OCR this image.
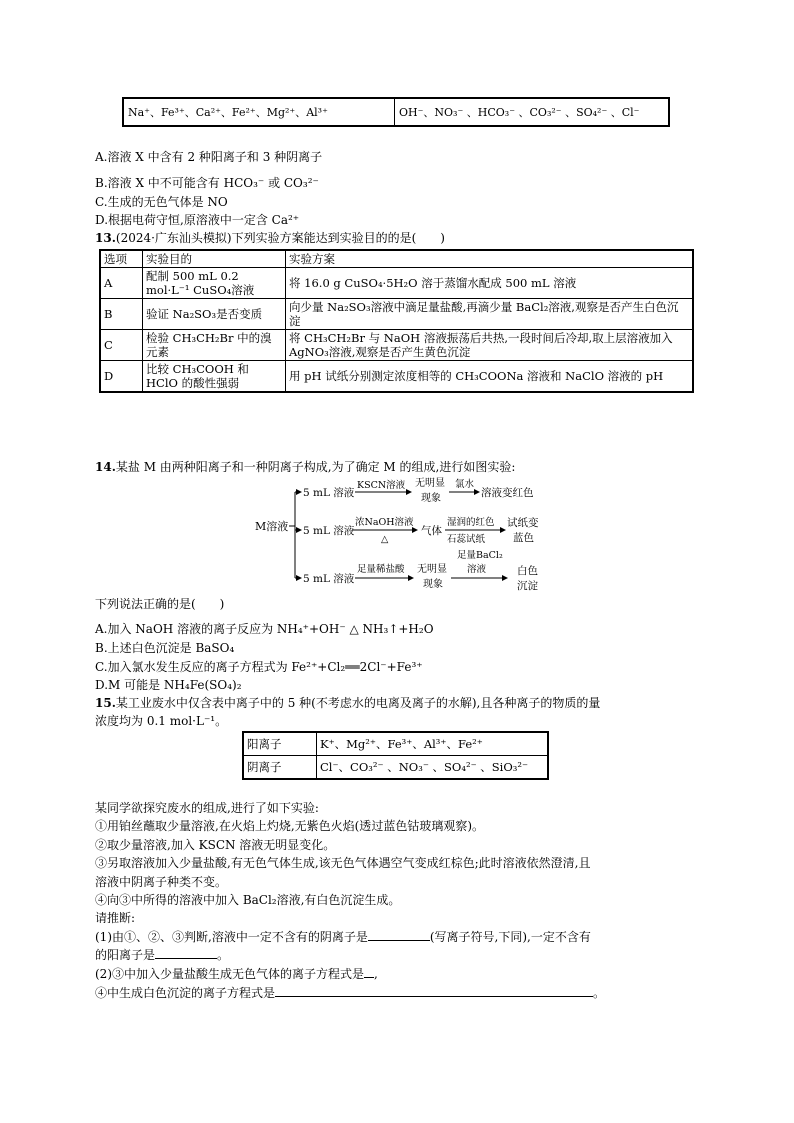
Na⁺、Fe³⁺、Ca²⁺、Fe²⁺、Mg²⁺、Al³⁺	OH⁻、NO₃⁻ 、HCO₃⁻ 、CO₃²⁻ 、SO₄²⁻ 、Cl⁻
A.溶液 X 中含有 2 种阳离子和 3 种阴离子
B.溶液 X 中不可能含有 HCO₃⁻ 或 CO₃²⁻
C.生成的无色气体是 NO
D.根据电荷守恒,原溶液中一定含 Ca²⁺
13.(2024·广东汕头模拟)下列实验方案能达到实验目的的是(　　)
选项	实验目的	实验方案
A	配制 500 mL 0.2 mol·L⁻¹ CuSO₄溶液	将 16.0 g CuSO₄·5H₂O 溶于蒸馏水配成 500 mL 溶液
B	验证 Na₂SO₃是否变质	向少量 Na₂SO₃溶液中滴足量盐酸,再滴少量 BaCl₂溶液,观察是否产生白色沉淀
C	检验 CH₃CH₂Br 中的溴元素	将 CH₃CH₂Br 与 NaOH 溶液振荡后共热,一段时间后冷却,取上层溶液加入 AgNO₃溶液,观察是否产生黄色沉淀
D	比较 CH₃COOH 和 HClO 的酸性强弱	用 pH 试纸分别测定浓度相等的 CH₃COONa 溶液和 NaClO 溶液的 pH
14.某盐 M 由两种阳离子和一种阴离子构成,为了确定 M 的组成,进行如图实验:
M溶液
5 mL 溶液
KSCN溶液 无明显
现象
氯水
溶液变红色
5 mL 溶液
浓NaOH溶液
△
气体
湿润的红色
石蕊试纸
试纸变
蓝色
5 mL 溶液
足量稀盐酸 无明显
现象
足量BaCl₂
溶液	白色
沉淀
下列说法正确的是(　　)
A.加入 NaOH 溶液的离子反应为 NH₄⁺+OH⁻ △ NH₃↑+H₂O
B.上述白色沉淀是 BaSO₄
C.加入氯水发生反应的离子方程式为 Fe²⁺+Cl₂══2Cl⁻+Fe³⁺
D.M 可能是 NH₄Fe(SO₄)₂
15.某工业废水中仅含表中离子中的 5 种(不考虑水的电离及离子的水解),且各种离子的物质的量
浓度均为 0.1 mol·L⁻¹。
阳离子	K⁺、Mg²⁺、Fe³⁺、Al³⁺、Fe²⁺
阴离子	Cl⁻、CO₃²⁻ 、NO₃⁻ 、SO₄²⁻ 、SiO₃²⁻
某同学欲探究废水的组成,进行了如下实验:
①用铂丝蘸取少量溶液,在火焰上灼烧,无紫色火焰(透过蓝色钴玻璃观察)。
②取少量溶液,加入 KSCN 溶液无明显变化。
③另取溶液加入少量盐酸,有无色气体生成,该无色气体遇空气变成红棕色;此时溶液依然澄清,且
溶液中阴离子种类不变。
④向③中所得的溶液中加入 BaCl₂溶液,有白色沉淀生成。
请推断:
(1)由①、②、③判断,溶液中一定不含有的阴离子是	(写离子符号,下同),一定不含有
的阳离子是	。
(2)③中加入少量盐酸生成无色气体的离子方程式是 ,
④中生成白色沉淀的离子方程式是	。
